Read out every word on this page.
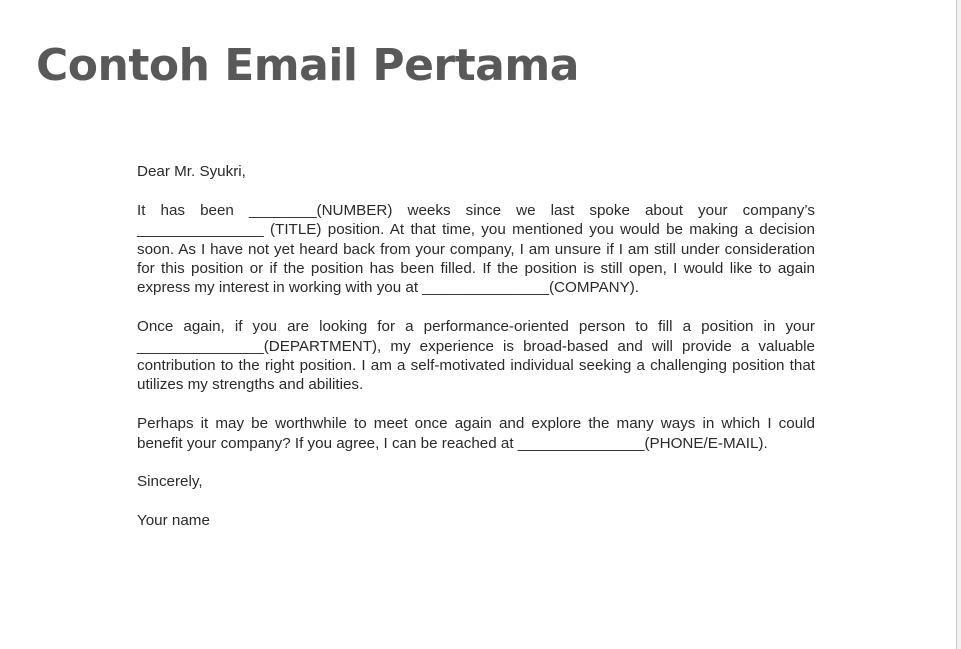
Contoh Email Pertama

Dear Mr. Syukri,

It has been ________(NUMBER) weeks since we last spoke about your company’s _______________ (TITLE) position. At that time, you mentioned you would be making a decision soon. As I have not yet heard back from your company, I am unsure if I am still under consideration for this position or if the position has been filled. If the position is still open, I would like to again express my interest in working with you at _______________(COMPANY).

Once again, if you are looking for a performance-oriented person to fill a position in your _______________(DEPARTMENT), my experience is broad-based and will provide a valuable contribution to the right position. I am a self-motivated individual seeking a challenging position that utilizes my strengths and abilities.

Perhaps it may be worthwhile to meet once again and explore the many ways in which I could benefit your company? If you agree, I can be reached at _______________(PHONE/E-MAIL).

Sincerely,

Your name
